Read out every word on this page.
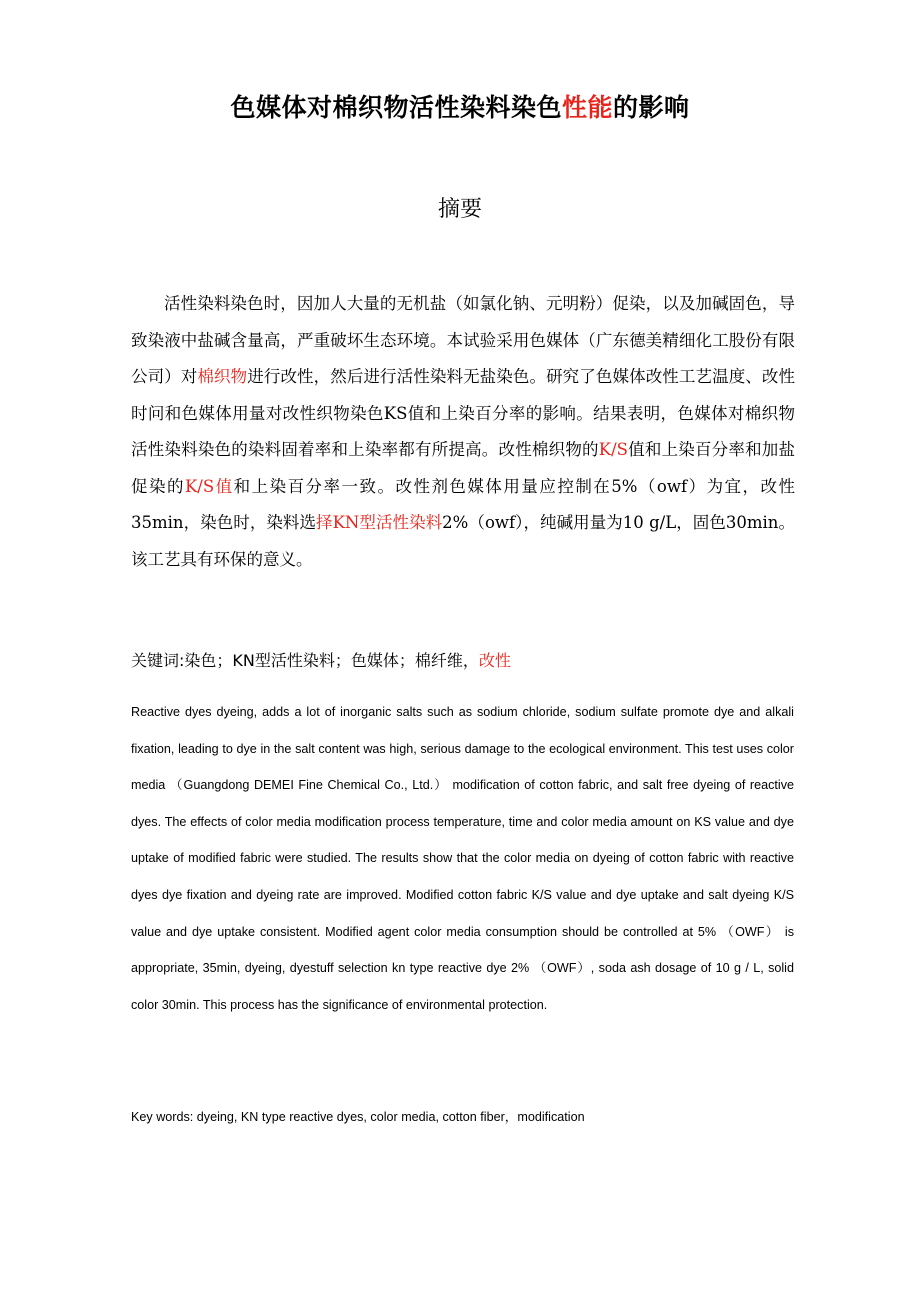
色媒体对棉织物活性染料染色性能的影响
摘要
活性染料染色时，因加人大量的无机盐（如氯化钠、元明粉）促染，以及加碱固色，导致染液中盐碱含量高，严重破坏生态环境。本试验采用色媒体（广东德美精细化工股份有限公司）对棉织物进行改性，然后进行活性染料无盐染色。研究了色媒体改性工艺温度、改性时问和色媒体用量对改性织物染色KS值和上染百分率的影响。结果表明，色媒体对棉织物活性染料染色的染料固着率和上染率都有所提高。改性棉织物的K/S值和上染百分率和加盐促染的K/S值和上染百分率一致。改性剂色媒体用量应控制在5%（owf）为宜，改性35min，染色时，染料选择KN型活性染料2%（owf），纯碱用量为10 g/L，固色30min。该工艺具有环保的意义。
关键词:染色；KN型活性染料；色媒体；棉纤维，改性
Reactive dyes dyeing, adds a lot of inorganic salts such as sodium chloride, sodium sulfate promote dye and alkali fixation, leading to dye in the salt content was high, serious damage to the ecological environment. This test uses color media （Guangdong DEMEI Fine Chemical Co., Ltd.） modification of cotton fabric, and salt free dyeing of reactive dyes. The effects of color media modification process temperature, time and color media amount on KS value and dye uptake of modified fabric were studied. The results show that the color media on dyeing of cotton fabric with reactive dyes dye fixation and dyeing rate are improved. Modified cotton fabric K/S value and dye uptake and salt dyeing K/S value and dye uptake consistent. Modified agent color media consumption should be controlled at 5% （OWF） is appropriate, 35min, dyeing, dyestuff selection kn type reactive dye 2% （OWF）, soda ash dosage of 10 g / L, solid color 30min. This process has the significance of environmental protection.
Key words: dyeing, KN type reactive dyes, color media, cotton fiber，modification
